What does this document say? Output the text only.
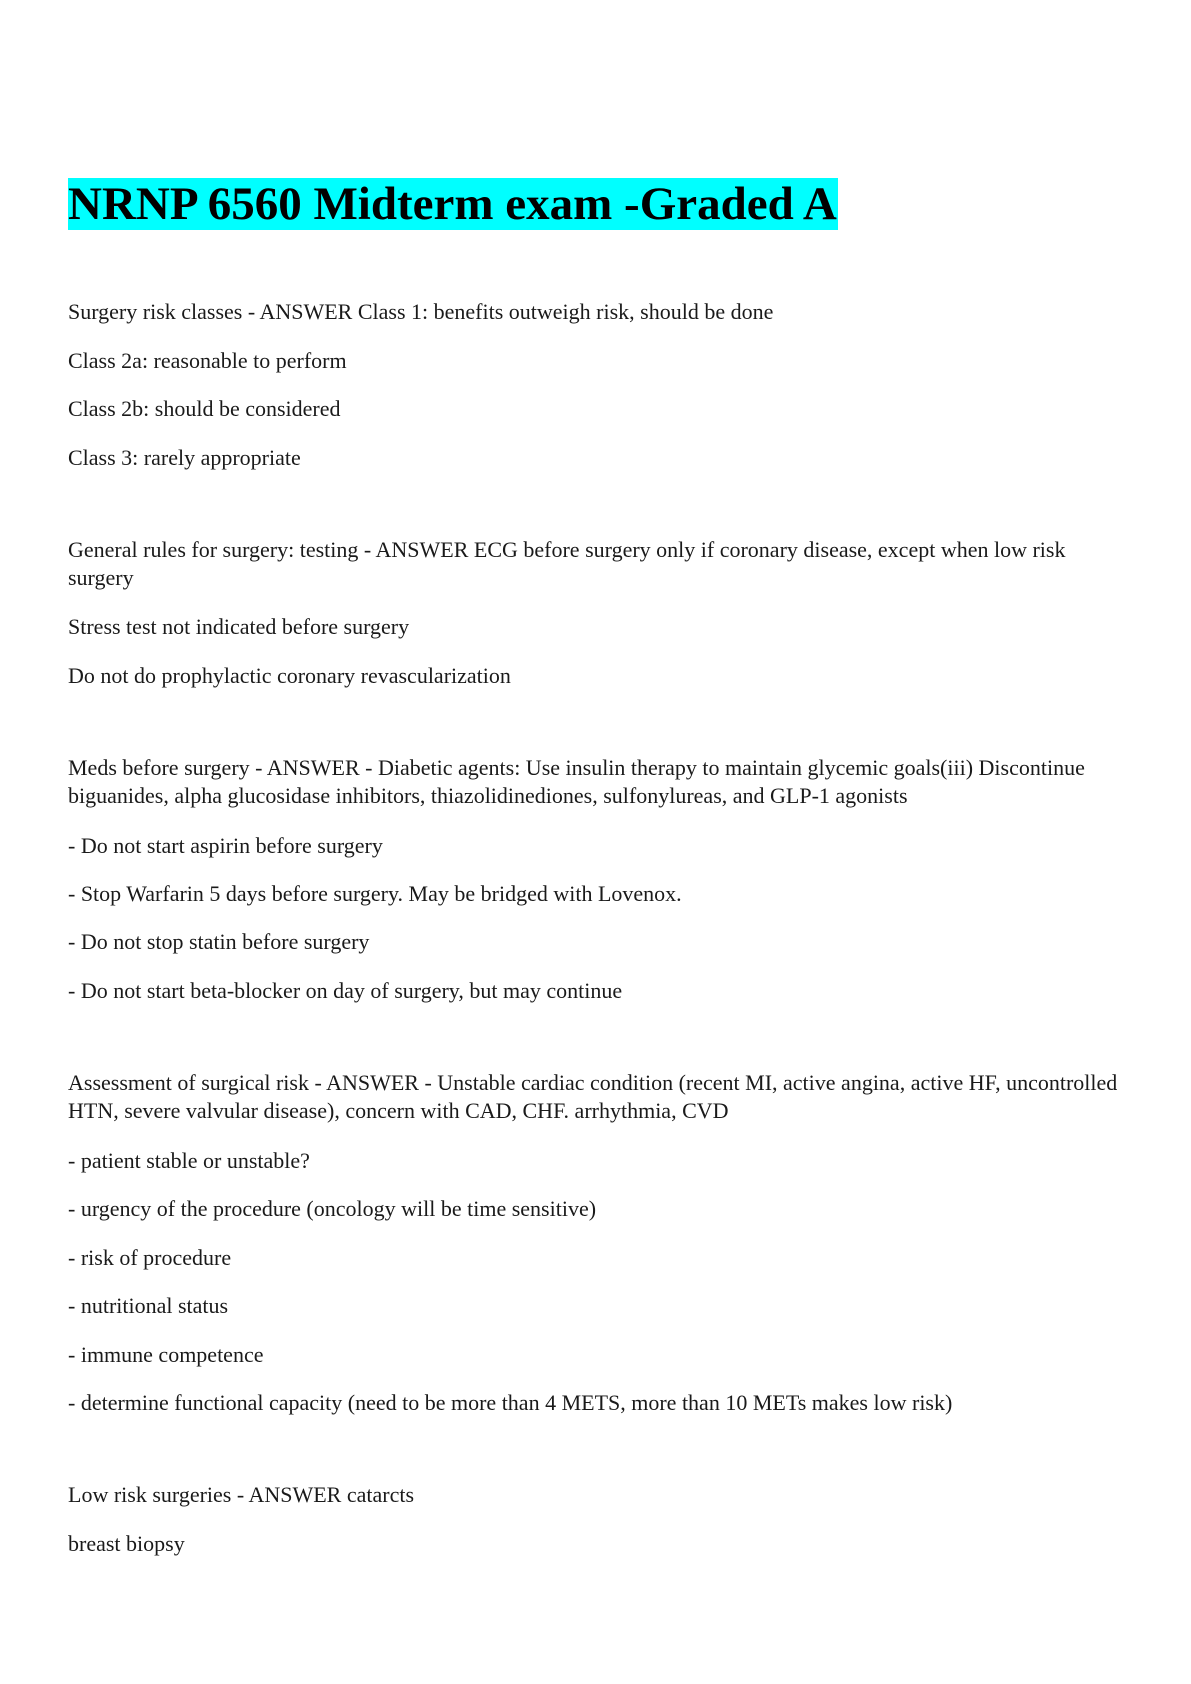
NRNP 6560 Midterm exam -Graded A

Surgery risk classes - ANSWER Class 1: benefits outweigh risk, should be done

Class 2a: reasonable to perform

Class 2b: should be considered

Class 3: rarely appropriate

General rules for surgery: testing - ANSWER ECG before surgery only if coronary disease, except when low risk surgery

Stress test not indicated before surgery

Do not do prophylactic coronary revascularization

Meds before surgery - ANSWER - Diabetic agents: Use insulin therapy to maintain glycemic goals(iii) Discontinue biguanides, alpha glucosidase inhibitors, thiazolidinediones, sulfonylureas, and GLP-1 agonists

- Do not start aspirin before surgery

- Stop Warfarin 5 days before surgery. May be bridged with Lovenox.

- Do not stop statin before surgery

- Do not start beta-blocker on day of surgery, but may continue

Assessment of surgical risk - ANSWER - Unstable cardiac condition (recent MI, active angina, active HF, uncontrolled HTN, severe valvular disease), concern with CAD, CHF. arrhythmia, CVD

- patient stable or unstable?

- urgency of the procedure (oncology will be time sensitive)

- risk of procedure

- nutritional status

- immune competence

- determine functional capacity (need to be more than 4 METS, more than 10 METs makes low risk)

Low risk surgeries - ANSWER catarcts

breast biopsy
